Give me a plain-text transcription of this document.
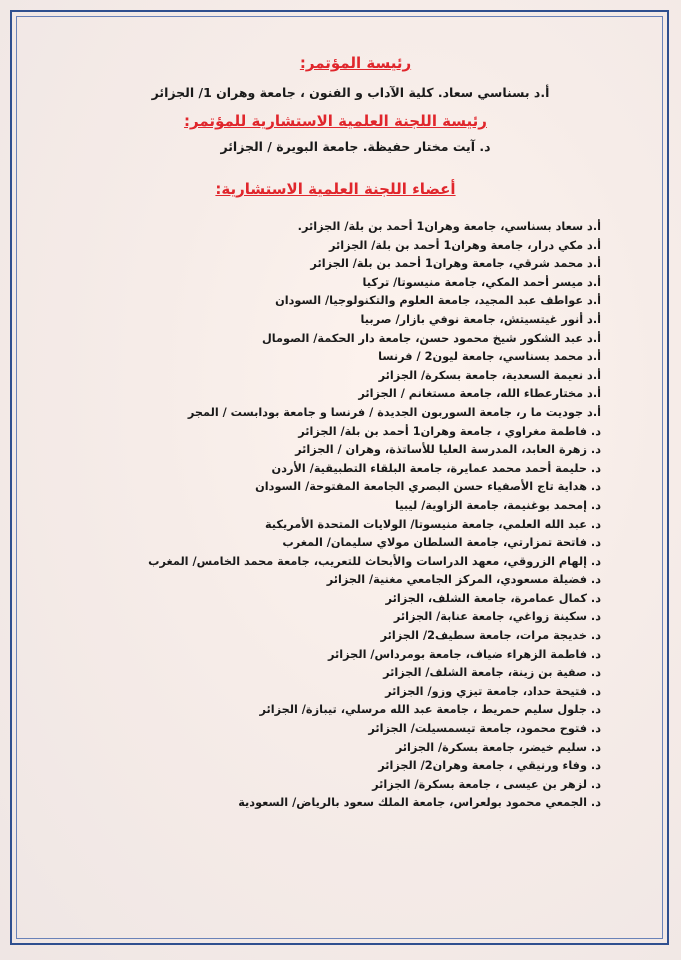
رئيسة المؤتمر:
أ.د بسناسي سعاد. كلية الآداب و الفنون ، جامعة وهران 1/ الجزائر
رئيسة اللجنة العلمية الاستشارية للمؤتمر:
د. آيت مختار حفيظة. جامعة البويرة / الجزائر
أعضاء اللجنة العلمية الاستشارية:
أ.د سعاد بسناسي، جامعة وهران1 أحمد بن بلة/ الجزائر.
أ.د مكي درار، جامعة وهران1 أحمد بن بلة/ الجزائر
أ.د محمد شرقي، جامعة وهران1 أحمد بن بلة/ الجزائر
أ.د ميسر أحمد المكي، جامعة منيسوتا/ تركيا
أ.د عواطف عبد المجيد، جامعة العلوم والتكنولوجيا/ السودان
أ.د أنور غيتسيتش، جامعة نوفي بازار/ صربيا
أ.د عبد الشكور شيخ محمود حسن، جامعة دار الحكمة/ الصومال
أ.د محمد بسناسي، جامعة ليون2 / فرنسا
أ.د نعيمة السعدية، جامعة بسكرة/ الجزائر
أ.د مختارعطاء الله، جامعة مستغانم / الجزائر
أ.د جوديت ما ر، جامعة السوربون الجديدة / فرنسا و جامعة بودابست / المجر
د. فاطمة مغراوي ، جامعة وهران1 أحمد بن بلة/ الجزائر
د. زهرة العابد، المدرسة العليا للأساتذة، وهران / الجزائر
د. حليمة أحمد محمد عمايرة، جامعة البلقاء التطبيقية/ الأردن
د. هداية تاج الأصفياء حسن البصري الجامعة المفتوحة/ السودان
د. إمحمد بوغنيمة، جامعة الزاوية/ ليبيا
د. عبد الله العلمي، جامعة منيسوتا/ الولايات المتحدة الأمريكية
د. فاتحة تمزارتي، جامعة السلطان مولاي سليمان/ المغرب
د. إلهام الزروقي، معهد الدراسات والأبحاث للتعريب، جامعة محمد الخامس/ المغرب
د. فضيلة مسعودي، المركز الجامعي مغنية/ الجزائر
د. كمال عمامرة، جامعة الشلف، الجزائر
د. سكينة زواغي، جامعة عنابة/ الجزائر
د. خديجة مرات، جامعة سطيف2/ الجزائر
د. فاطمة الزهراء ضياف، جامعة بومرداس/ الجزائر
د. صفية بن زينة، جامعة الشلف/ الجزائر
د. فتيحة حداد، جامعة تيزي وزو/ الجزائر
د. جلول سليم حمريط ، جامعة عبد الله مرسلي، تيبازة/ الجزائر
د. فتوح محمود، جامعة تيسمسيلت/ الجزائر
د. سليم خيضر، جامعة بسكرة/ الجزائر
د. وفاء ورنيقي ، جامعة وهران2/ الجزائر
د. لزهر بن عيسى ، جامعة بسكرة/ الجزائر
د. الجمعي محمود بولعراس، جامعة الملك سعود بالرياض/ السعودية
